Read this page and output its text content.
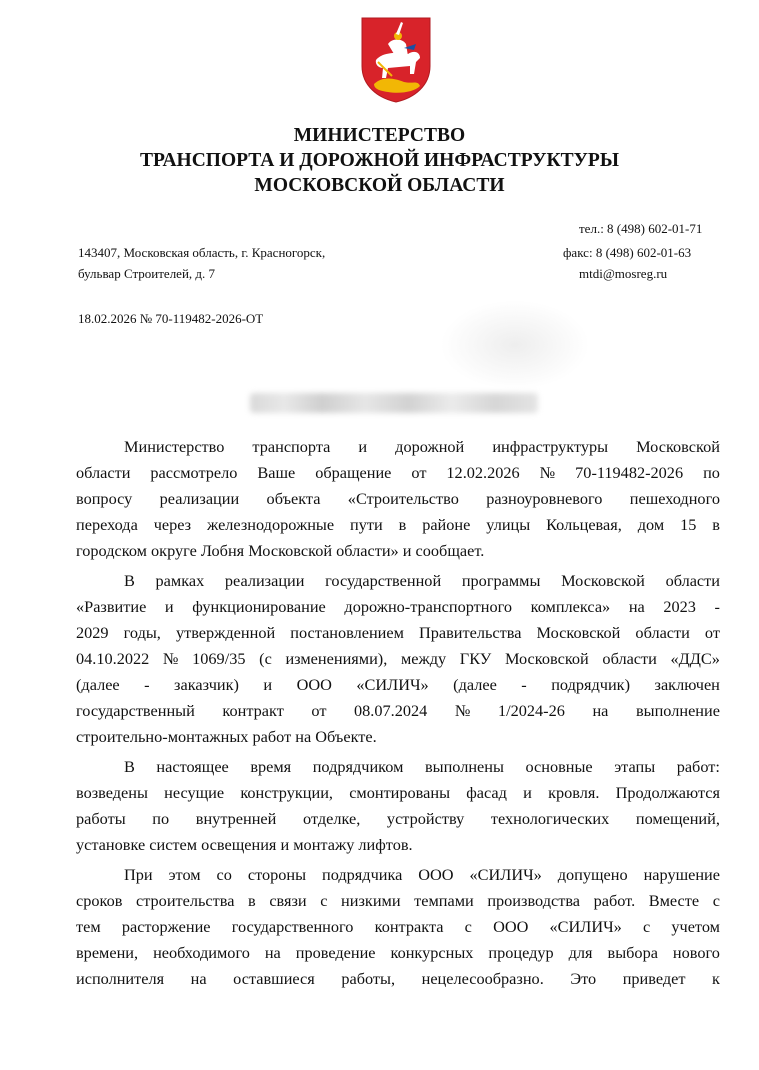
МИНИСТЕРСТВО
ТРАНСПОРТА И ДОРОЖНОЙ ИНФРАСТРУКТУРЫ
МОСКОВСКОЙ ОБЛАСТИ
тел.: 8 (498) 602-01-71
143407, Московская область, г. Красногорск,	факс: 8 (498) 602-01-63
бульвар Строителей, д. 7	mtdi@mosreg.ru
18.02.2026 № 70-119482-2026-ОТ
Министерство транспорта и дорожной инфраструктуры Московской
области рассмотрело Ваше обращение от 12.02.2026 № 70-119482-2026 по
вопросу реализации объекта «Строительство разноуровневого пешеходного
перехода через железнодорожные пути в районе улицы Кольцевая, дом 15 в
городском округе Лобня Московской области» и сообщает.
В рамках реализации государственной программы Московской области
«Развитие и функционирование дорожно-транспортного комплекса» на 2023 -
2029 годы, утвержденной постановлением Правительства Московской области от
04.10.2022 № 1069/35 (с изменениями), между ГКУ Московской области «ДДС»
(далее - заказчик) и ООО «СИЛИЧ» (далее - подрядчик) заключен
государственный контракт от 08.07.2024 № 1/2024-26 на выполнение
строительно-монтажных работ на Объекте.
В настоящее время подрядчиком выполнены основные этапы работ:
возведены несущие конструкции, смонтированы фасад и кровля. Продолжаются
работы по внутренней отделке, устройству технологических помещений,
установке систем освещения и монтажу лифтов.
При этом со стороны подрядчика ООО «СИЛИЧ» допущено нарушение
сроков строительства в связи с низкими темпами производства работ. Вместе с
тем расторжение государственного контракта с ООО «СИЛИЧ» с учетом
времени, необходимого на проведение конкурсных процедур для выбора нового
исполнителя на оставшиеся работы, нецелесообразно. Это приведет к
